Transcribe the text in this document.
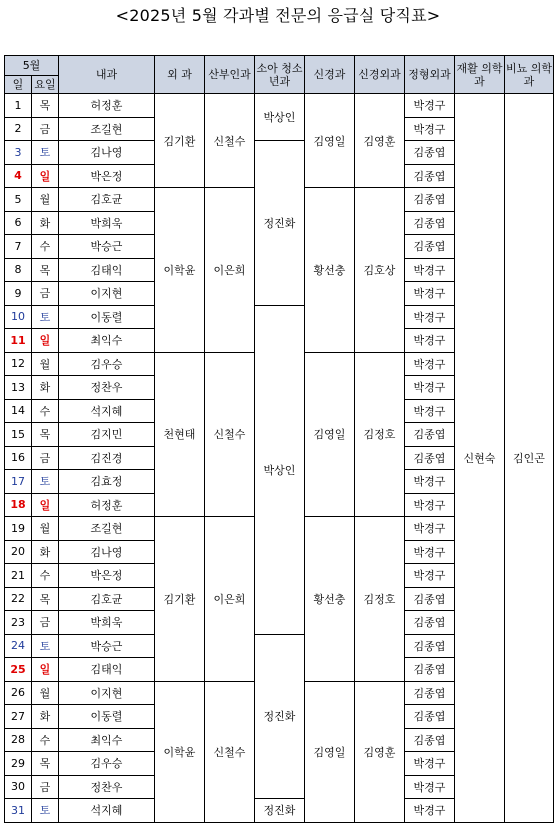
<2025년 5월 각과별 전문의 응급실 당직표>
5월		내과	외 과	산부인과	소아 청소년과	신경과	신경외과	정형외과	재활 의학과	비뇨 의학과
일	요일									
1	목	허정훈	김기환	신철수	박상인	김영일	김영훈	박경구	신현숙	김인곤
2	금	조길현						박경구		
3	토	김나영			정진화			김종엽		
4	일	박은정						김종엽		
5	월	김호균	이학윤	이은희		황선충	김호상	김종엽		
6	화	박희욱						김종엽		
7	수	박승근						김종엽		
8	목	김태익						박경구		
9	금	이지현						박경구		
10	토	이동렬			박상인			박경구		
11	일	최익수						박경구		
12	월	김우승	천현태	신철수		김영일	김정호	박경구		
13	화	정찬우						박경구		
14	수	석지혜						박경구		
15	목	김지민						김종엽		
16	금	김진경						김종엽		
17	토	김효정						박경구		
18	일	허정훈						박경구		
19	월	조길현	김기환	이은희		황선충	김정호	박경구		
20	화	김나영						박경구		
21	수	박은정						박경구		
22	목	김호균						김종엽		
23	금	박희욱						김종엽		
24	토	박승근			정진화			김종엽		
25	일	김태익						김종엽		
26	월	이지현	이학윤	신철수		김영일	김영훈	김종엽		
27	화	이동렬						김종엽		
28	수	최익수						김종엽		
29	목	김우승						박경구		
30	금	정찬우						박경구		
31	토	석지혜			정진화			박경구		
